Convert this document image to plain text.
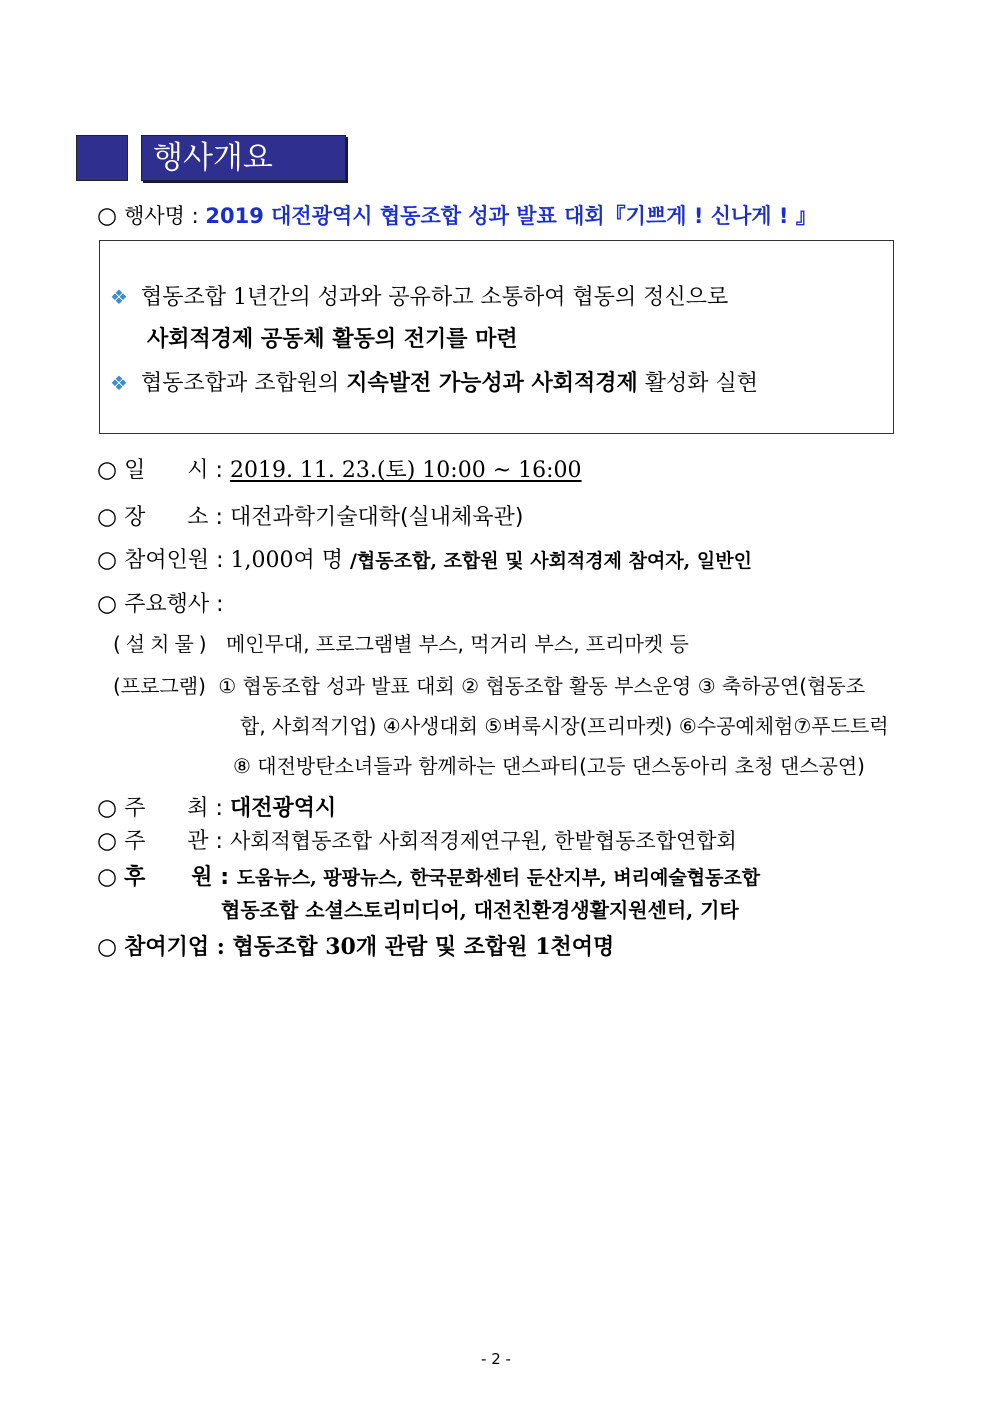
행사개요
○ 행사명 : 2019 대전광역시 협동조합 성과 발표 대회『기쁘게 ! 신나게 ! 』
❖ 협동조합 1년간의 성과와 공유하고 소통하여 협동의 정신으로
사회적경제 공동체 활동의 전기를 마련
❖ 협동조합과 조합원의 지속발전 가능성과 사회적경제 활성화 실현
○ 일      시 : 2019. 11. 23.(토) 10:00 ~ 16:00
○ 장      소 : 대전과학기술대학(실내체육관)
○ 참여인원 : 1,000여 명 /협동조합, 조합원 및 사회적경제 참여자, 일반인
○ 주요행사 :
(설치물) 메인무대, 프로그램별 부스, 먹거리 부스, 프리마켓 등
(프로그램) ① 협동조합 성과 발표 대회 ② 협동조합 활동 부스운영 ③ 축하공연(협동조
합, 사회적기업) ④사생대회 ⑤벼룩시장(프리마켓) ⑥수공예체험⑦푸드트럭
⑧ 대전방탄소녀들과 함께하는 댄스파티(고등 댄스동아리 초청 댄스공연)
○ 주      최 : 대전광역시
○ 주      관 : 사회적협동조합 사회적경제연구원, 한밭협동조합연합회
○ 후      원 : 도움뉴스, 팡팡뉴스, 한국문화센터 둔산지부, 벼리예술협동조합
협동조합 소셜스토리미디어, 대전친환경생활지원센터, 기타
○ 참여기업 : 협동조합 30개 관람 및 조합원 1천여명
- 2 -
